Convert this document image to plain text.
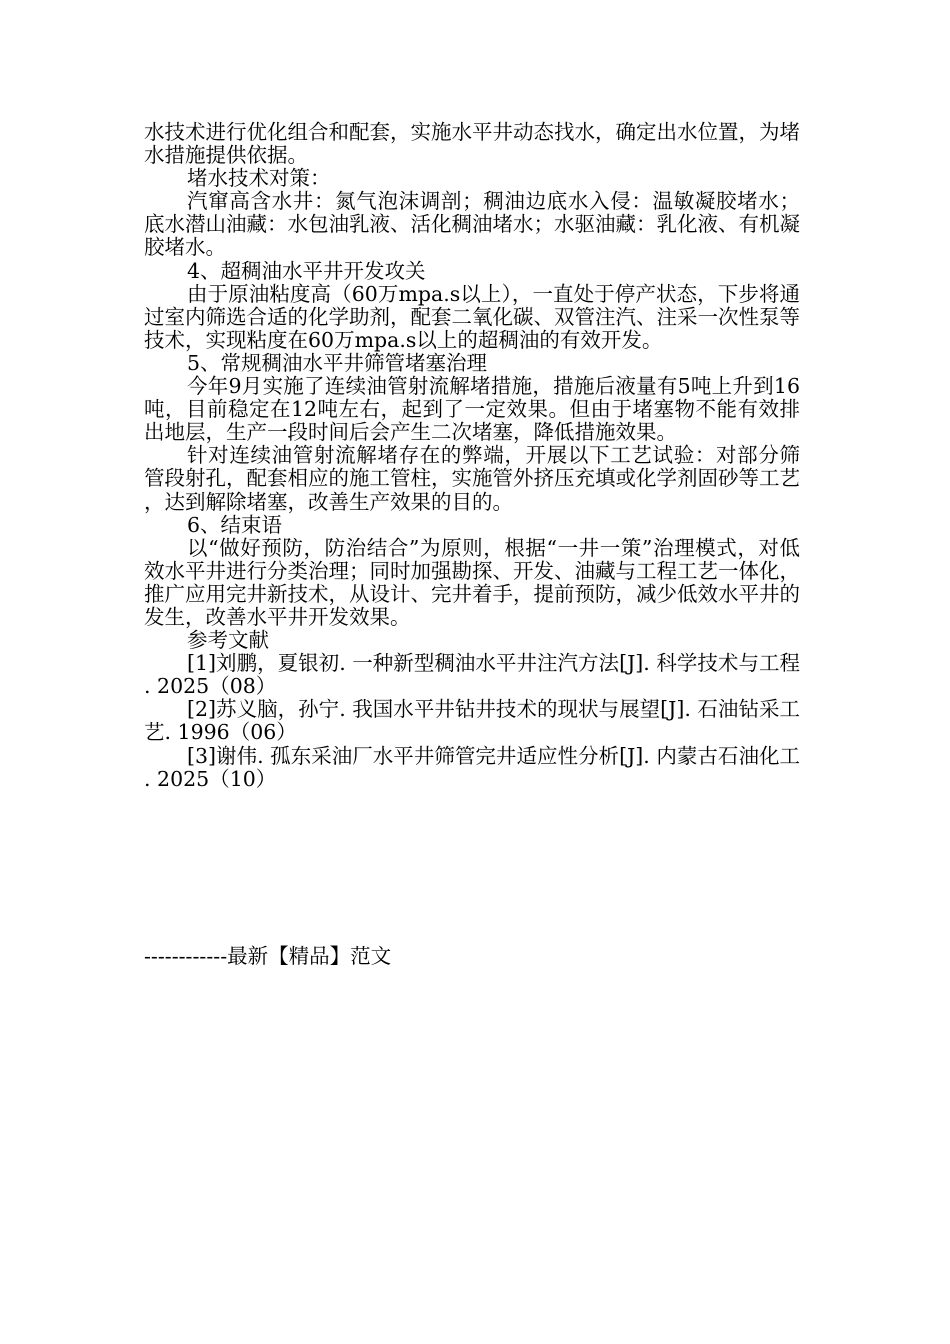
水技术进行优化组合和配套，实施水平井动态找水，确定出水位置，为堵水措施提供依据。

堵水技术对策：

汽窜高含水井：氮气泡沫调剖；稠油边底水入侵：温敏凝胶堵水；底水潜山油藏：水包油乳液、活化稠油堵水；水驱油藏：乳化液、有机凝胶堵水。

4、超稠油水平井开发攻关

由于原油粘度高（60万mpa.s以上），一直处于停产状态，下步将通过室内筛选合适的化学助剂，配套二氧化碳、双管注汽、注采一次性泵等技术，实现粘度在60万mpa.s以上的超稠油的有效开发。

5、常规稠油水平井筛管堵塞治理

今年9月实施了连续油管射流解堵措施，措施后液量有5吨上升到16吨，目前稳定在12吨左右，起到了一定效果。但由于堵塞物不能有效排出地层，生产一段时间后会产生二次堵塞，降低措施效果。

针对连续油管射流解堵存在的弊端，开展以下工艺试验：对部分筛管段射孔，配套相应的施工管柱，实施管外挤压充填或化学剂固砂等工艺，达到解除堵塞，改善生产效果的目的。

6、结束语

以“做好预防，防治结合”为原则，根据“一井一策”治理模式，对低效水平井进行分类治理；同时加强勘探、开发、油藏与工程工艺一体化，推广应用完井新技术，从设计、完井着手，提前预防，减少低效水平井的发生，改善水平井开发效果。

参考文献

[1]刘鹏，夏银初. 一种新型稠油水平井注汽方法[J]. 科学技术与工程. 2025（08）

[2]苏义脑，孙宁. 我国水平井钻井技术的现状与展望[J]. 石油钻采工艺. 1996（06）

[3]谢伟. 孤东采油厂水平井筛管完井适应性分析[J]. 内蒙古石油化工. 2025（10）

------------最新【精品】范文
